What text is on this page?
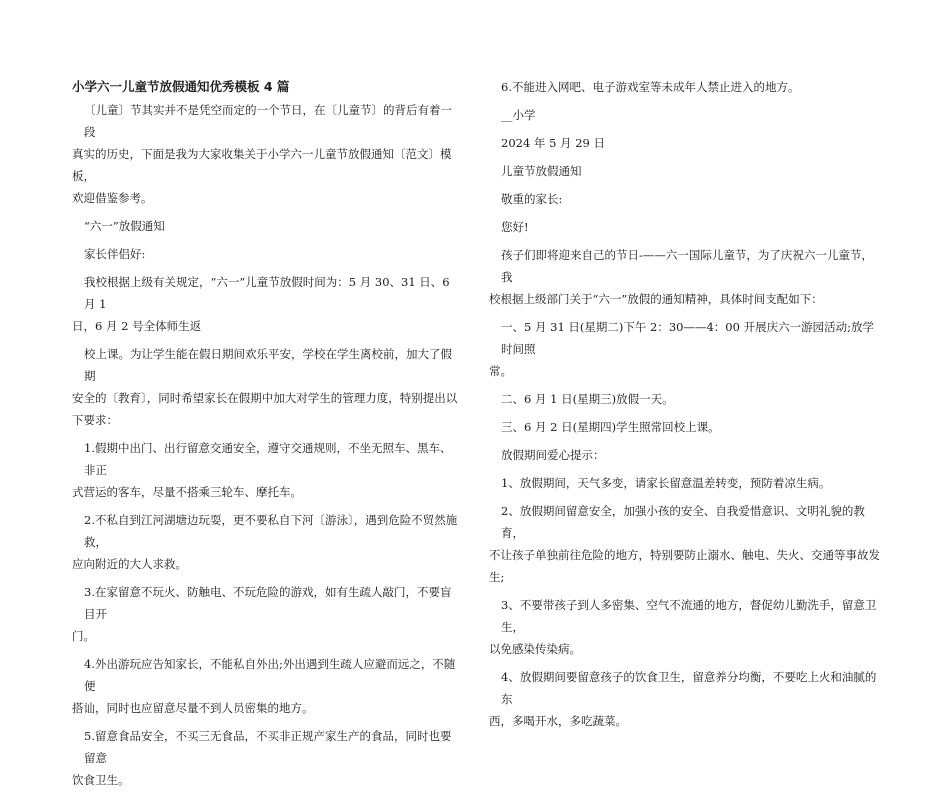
小学六一儿童节放假通知优秀模板 4 篇

〔儿童〕节其实并不是凭空而定的一个节日，在〔儿童节〕的背后有着一段

真实的历史，下面是我为大家收集关于小学六一儿童节放假通知〔范文〕模板，

欢迎借鉴参考。

“六一”放假通知

家长伴侣好:

我校根据上级有关规定，“六一”儿童节放假时间为：5 月 30、31 日、6 月 1

日，6 月 2 号全体师生返

校上课。为让学生能在假日期间欢乐平安，学校在学生离校前，加大了假期

安全的〔教育〕，同时希望家长在假期中加大对学生的管理力度，特别提出以

下要求：

1.假期中出门、出行留意交通安全，遵守交通规则，不坐无照车、黑车、非正

式营运的客车，尽量不搭乘三轮车、摩托车。

2.不私自到江河湖塘边玩耍，更不要私自下河〔游泳〕，遇到危险不贸然施救，

应向附近的大人求救。

3.在家留意不玩火、防触电、不玩危险的游戏，如有生疏人敲门，不要盲目开

门。

4.外出游玩应告知家长，不能私自外出;外出遇到生疏人应避而远之，不随便

搭讪，同时也应留意尽量不到人员密集的地方。

5.留意食品安全，不买三无食品，不买非正规产家生产的食品，同时也要留意

饮食卫生。

6.不能进入网吧、电子游戏室等未成年人禁止进入的地方。

__小学

2024 年 5 月 29 日

儿童节放假通知

敬重的家长:

您好!

孩子们即将迎来自己的节日-——六一国际儿童节，为了庆祝六一儿童节，我

校根据上级部门关于“六一”放假的通知精神，具体时间支配如下：

一、5 月 31 日(星期二)下午 2：30——4：00 开展庆六一游园活动;放学时间照

常。

二、6 月 1 日(星期三)放假一天。

三、6 月 2 日(星期四)学生照常回校上课。

放假期间爱心提示：

1、放假期间，天气多变，请家长留意温差转变，预防着凉生病。

2、放假期间留意安全，加强小孩的安全、自我爱惜意识、文明礼貌的教育，

不让孩子单独前往危险的地方，特别要防止溺水、触电、失火、交通等事故发

生;

3、不要带孩子到人多密集、空气不流通的地方，督促幼儿勤洗手，留意卫生，

以免感染传染病。

4、放假期间要留意孩子的饮食卫生，留意养分均衡，不要吃上火和油腻的东

西，多喝开水，多吃蔬菜。
